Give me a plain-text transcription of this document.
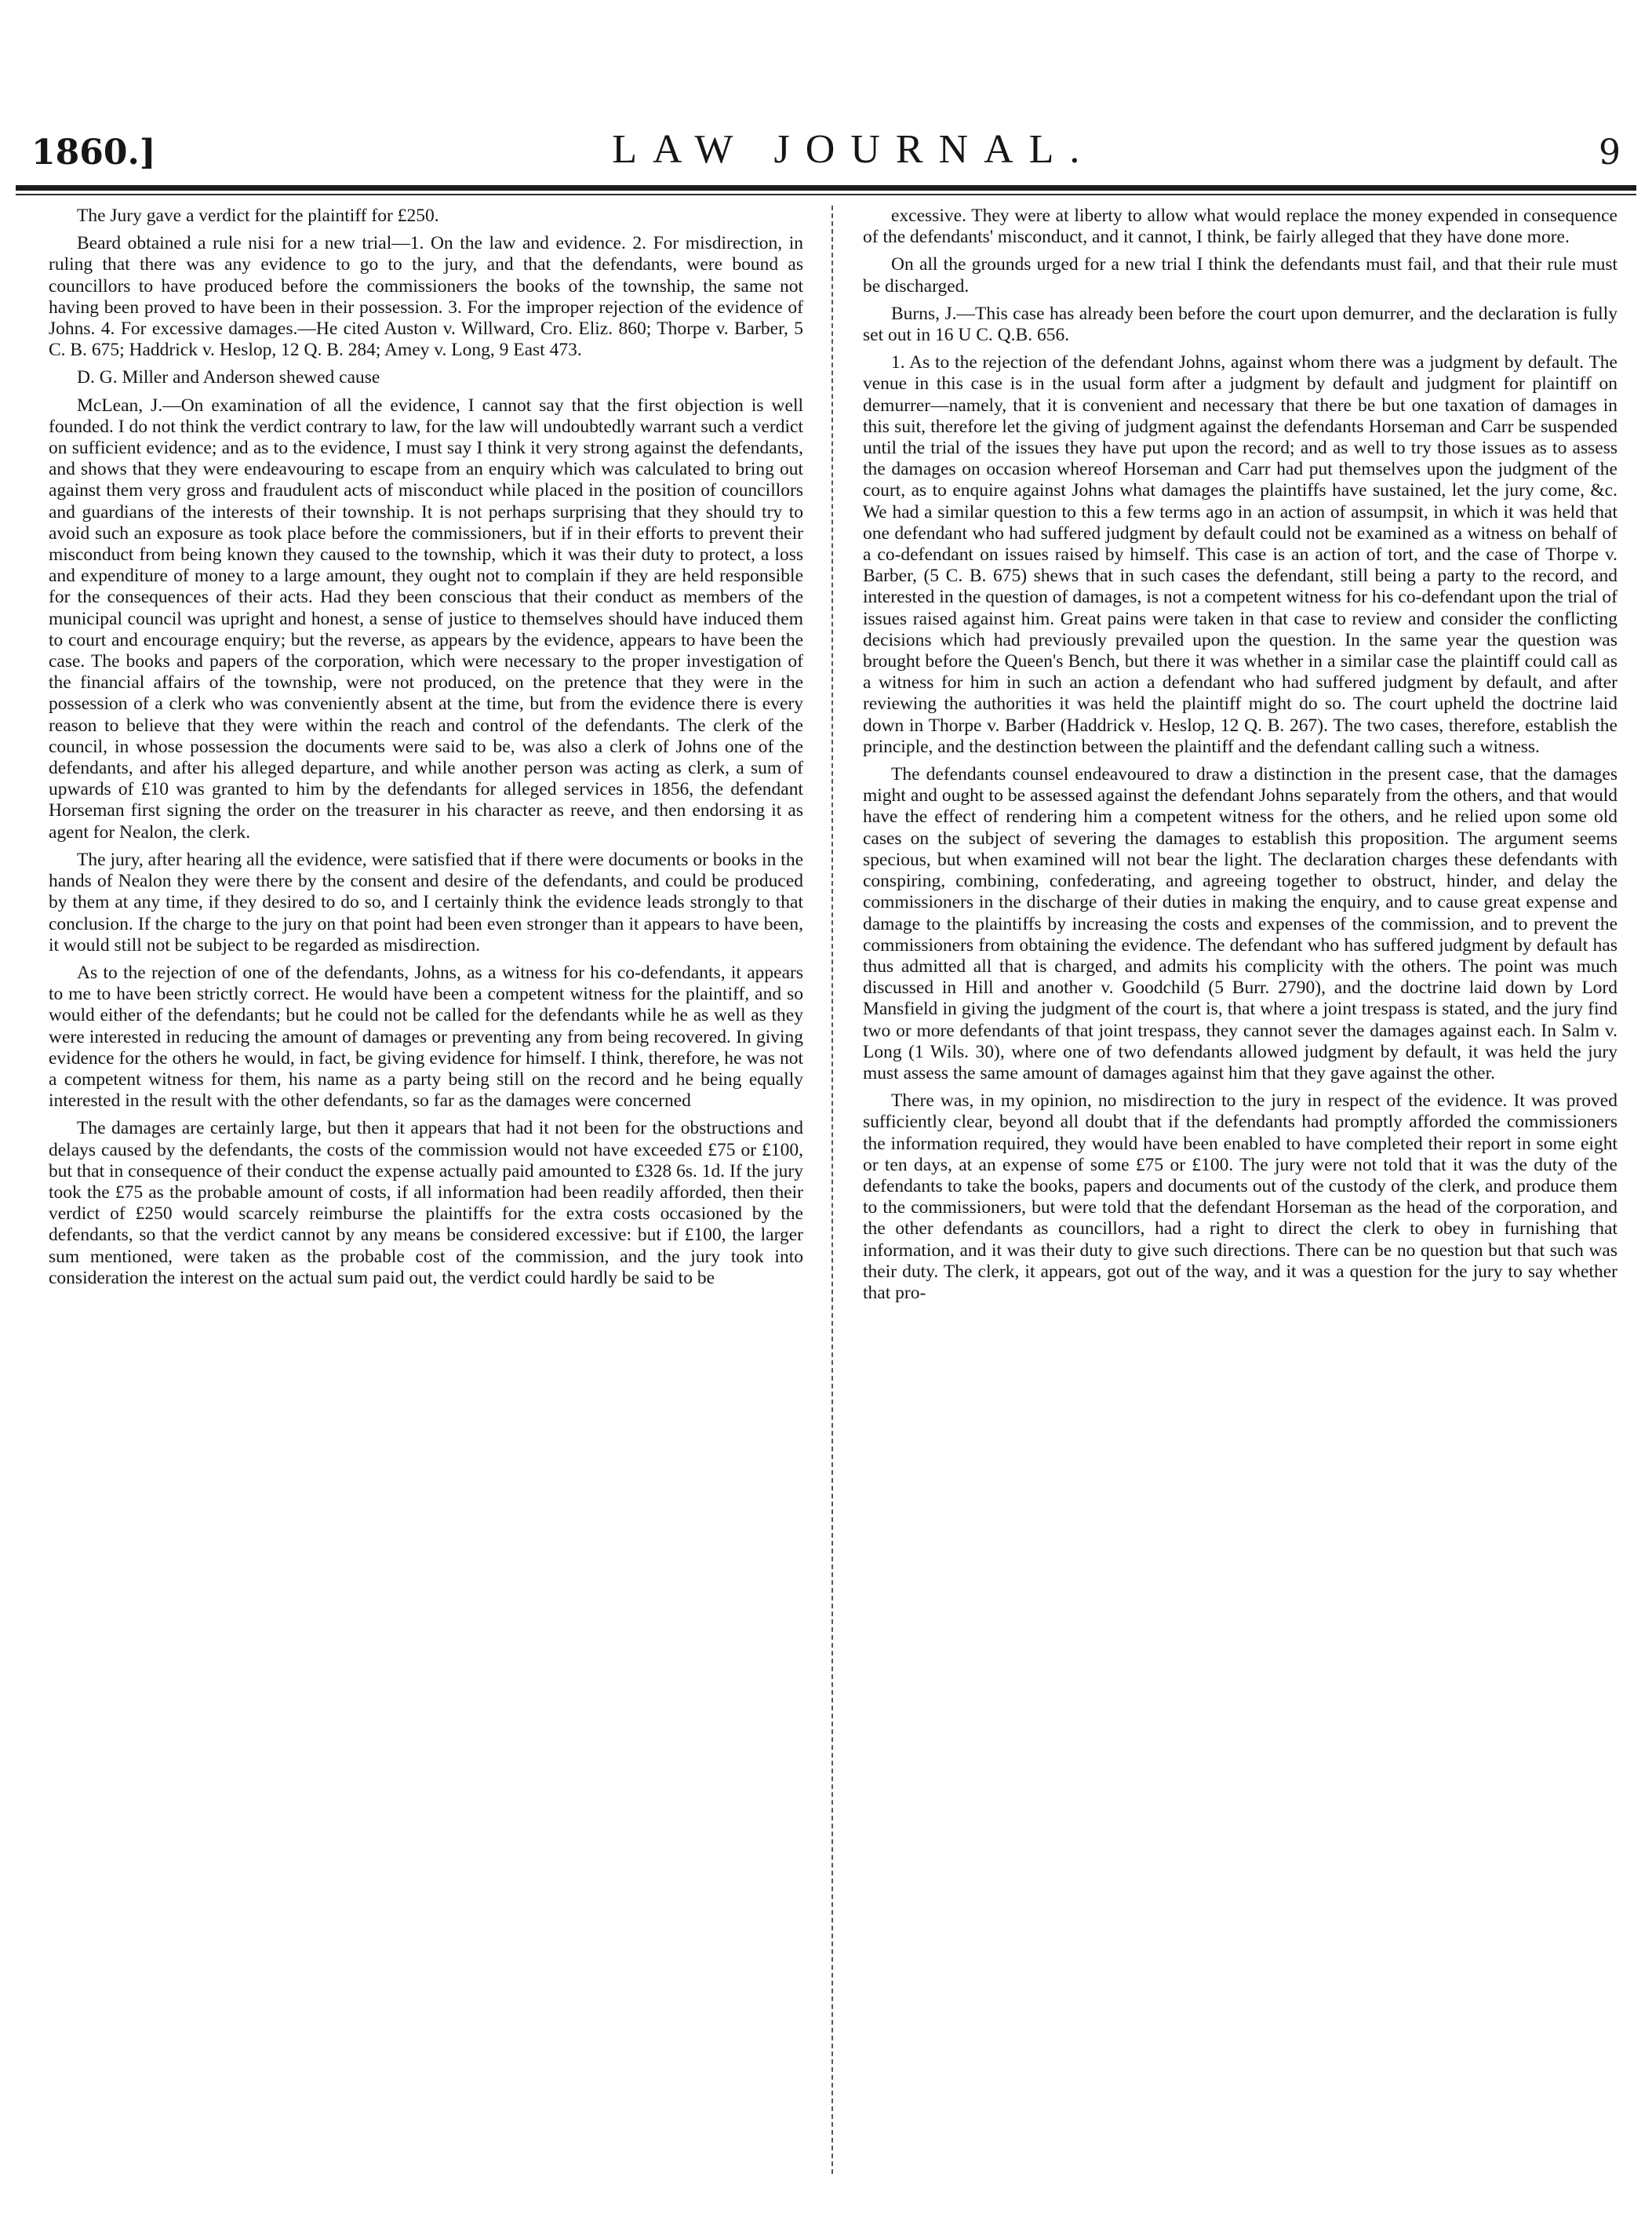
1860.]	LAW JOURNAL.	9

The Jury gave a verdict for the plaintiff for £250.

Beard obtained a rule nisi for a new trial—1. On the law and evidence. 2. For misdirection, in ruling that there was any evidence to go to the jury, and that the defendants, were bound as councillors to have produced before the commissioners the books of the township, the same not having been proved to have been in their possession. 3. For the improper rejection of the evidence of Johns. 4. For excessive damages.—He cited Auston v. Willward, Cro. Eliz. 860; Thorpe v. Barber, 5 C. B. 675; Haddrick v. Heslop, 12 Q. B. 284; Amey v. Long, 9 East 473.

D. G. Miller and Anderson shewed cause

McLean, J.—On examination of all the evidence, I cannot say that the first objection is well founded. I do not think the verdict contrary to law, for the law will undoubtedly warrant such a verdict on sufficient evidence; and as to the evidence, I must say I think it very strong against the defendants, and shows that they were endeavouring to escape from an enquiry which was calculated to bring out against them very gross and fraudulent acts of misconduct while placed in the position of councillors and guardians of the interests of their township. It is not perhaps surprising that they should try to avoid such an exposure as took place before the commissioners, but if in their efforts to prevent their misconduct from being known they caused to the township, which it was their duty to protect, a loss and expenditure of money to a large amount, they ought not to complain if they are held responsible for the consequences of their acts. Had they been conscious that their conduct as members of the municipal council was upright and honest, a sense of justice to themselves should have induced them to court and encourage enquiry; but the reverse, as appears by the evidence, appears to have been the case. The books and papers of the corporation, which were necessary to the proper investigation of the financial affairs of the township, were not produced, on the pretence that they were in the possession of a clerk who was conveniently absent at the time, but from the evidence there is every reason to believe that they were within the reach and control of the defendants. The clerk of the council, in whose possession the documents were said to be, was also a clerk of Johns one of the defendants, and after his alleged departure, and while another person was acting as clerk, a sum of upwards of £10 was granted to him by the defendants for alleged services in 1856, the defendant Horseman first signing the order on the treasurer in his character as reeve, and then endorsing it as agent for Nealon, the clerk.

The jury, after hearing all the evidence, were satisfied that if there were documents or books in the hands of Nealon they were there by the consent and desire of the defendants, and could be produced by them at any time, if they desired to do so, and I certainly think the evidence leads strongly to that conclusion. If the charge to the jury on that point had been even stronger than it appears to have been, it would still not be subject to be regarded as misdirection.

As to the rejection of one of the defendants, Johns, as a witness for his co-defendants, it appears to me to have been strictly correct. He would have been a competent witness for the plaintiff, and so would either of the defendants; but he could not be called for the defendants while he as well as they were interested in reducing the amount of damages or preventing any from being recovered. In giving evidence for the others he would, in fact, be giving evidence for himself. I think, therefore, he was not a competent witness for them, his name as a party being still on the record and he being equally interested in the result with the other defendants, so far as the damages were concerned

The damages are certainly large, but then it appears that had it not been for the obstructions and delays caused by the defendants, the costs of the commission would not have exceeded £75 or £100, but that in consequence of their conduct the expense actually paid amounted to £328 6s. 1d. If the jury took the £75 as the probable amount of costs, if all information had been readily afforded, then their verdict of £250 would scarcely reimburse the plaintiffs for the extra costs occasioned by the defendants, so that the verdict cannot by any means be considered excessive: but if £100, the larger sum mentioned, were taken as the probable cost of the commission, and the jury took into consideration the interest on the actual sum paid out, the verdict could hardly be said to be

excessive. They were at liberty to allow what would replace the money expended in consequence of the defendants' misconduct, and it cannot, I think, be fairly alleged that they have done more.

On all the grounds urged for a new trial I think the defendants must fail, and that their rule must be discharged.

Burns, J.—This case has already been before the court upon demurrer, and the declaration is fully set out in 16 U C. Q.B. 656.

1. As to the rejection of the defendant Johns, against whom there was a judgment by default. The venue in this case is in the usual form after a judgment by default and judgment for plaintiff on demurrer—namely, that it is convenient and necessary that there be but one taxation of damages in this suit, therefore let the giving of judgment against the defendants Horseman and Carr be suspended until the trial of the issues they have put upon the record; and as well to try those issues as to assess the damages on occasion whereof Horseman and Carr had put themselves upon the judgment of the court, as to enquire against Johns what damages the plaintiffs have sustained, let the jury come, &c. We had a similar question to this a few terms ago in an action of assumpsit, in which it was held that one defendant who had suffered judgment by default could not be examined as a witness on behalf of a co-defendant on issues raised by himself. This case is an action of tort, and the case of Thorpe v. Barber, (5 C. B. 675) shews that in such cases the defendant, still being a party to the record, and interested in the question of damages, is not a competent witness for his co-defendant upon the trial of issues raised against him. Great pains were taken in that case to review and consider the conflicting decisions which had previously prevailed upon the question. In the same year the question was brought before the Queen's Bench, but there it was whether in a similar case the plaintiff could call as a witness for him in such an action a defendant who had suffered judgment by default, and after reviewing the authorities it was held the plaintiff might do so. The court upheld the doctrine laid down in Thorpe v. Barber (Haddrick v. Heslop, 12 Q. B. 267). The two cases, therefore, establish the principle, and the destinction between the plaintiff and the defendant calling such a witness.

The defendants counsel endeavoured to draw a distinction in the present case, that the damages might and ought to be assessed against the defendant Johns separately from the others, and that would have the effect of rendering him a competent witness for the others, and he relied upon some old cases on the subject of severing the damages to establish this proposition. The argument seems specious, but when examined will not bear the light. The declaration charges these defendants with conspiring, combining, confederating, and agreeing together to obstruct, hinder, and delay the commissioners in the discharge of their duties in making the enquiry, and to cause great expense and damage to the plaintiffs by increasing the costs and expenses of the commission, and to prevent the commissioners from obtaining the evidence. The defendant who has suffered judgment by default has thus admitted all that is charged, and admits his complicity with the others. The point was much discussed in Hill and another v. Goodchild (5 Burr. 2790), and the doctrine laid down by Lord Mansfield in giving the judgment of the court is, that where a joint trespass is stated, and the jury find two or more defendants of that joint trespass, they cannot sever the damages against each. In Salm v. Long (1 Wils. 30), where one of two defendants allowed judgment by default, it was held the jury must assess the same amount of damages against him that they gave against the other.

There was, in my opinion, no misdirection to the jury in respect of the evidence. It was proved sufficiently clear, beyond all doubt that if the defendants had promptly afforded the commissioners the information required, they would have been enabled to have completed their report in some eight or ten days, at an expense of some £75 or £100. The jury were not told that it was the duty of the defendants to take the books, papers and documents out of the custody of the clerk, and produce them to the commissioners, but were told that the defendant Horseman as the head of the corporation, and the other defendants as councillors, had a right to direct the clerk to obey in furnishing that information, and it was their duty to give such directions. There can be no question but that such was their duty. The clerk, it appears, got out of the way, and it was a question for the jury to say whether that pro-
